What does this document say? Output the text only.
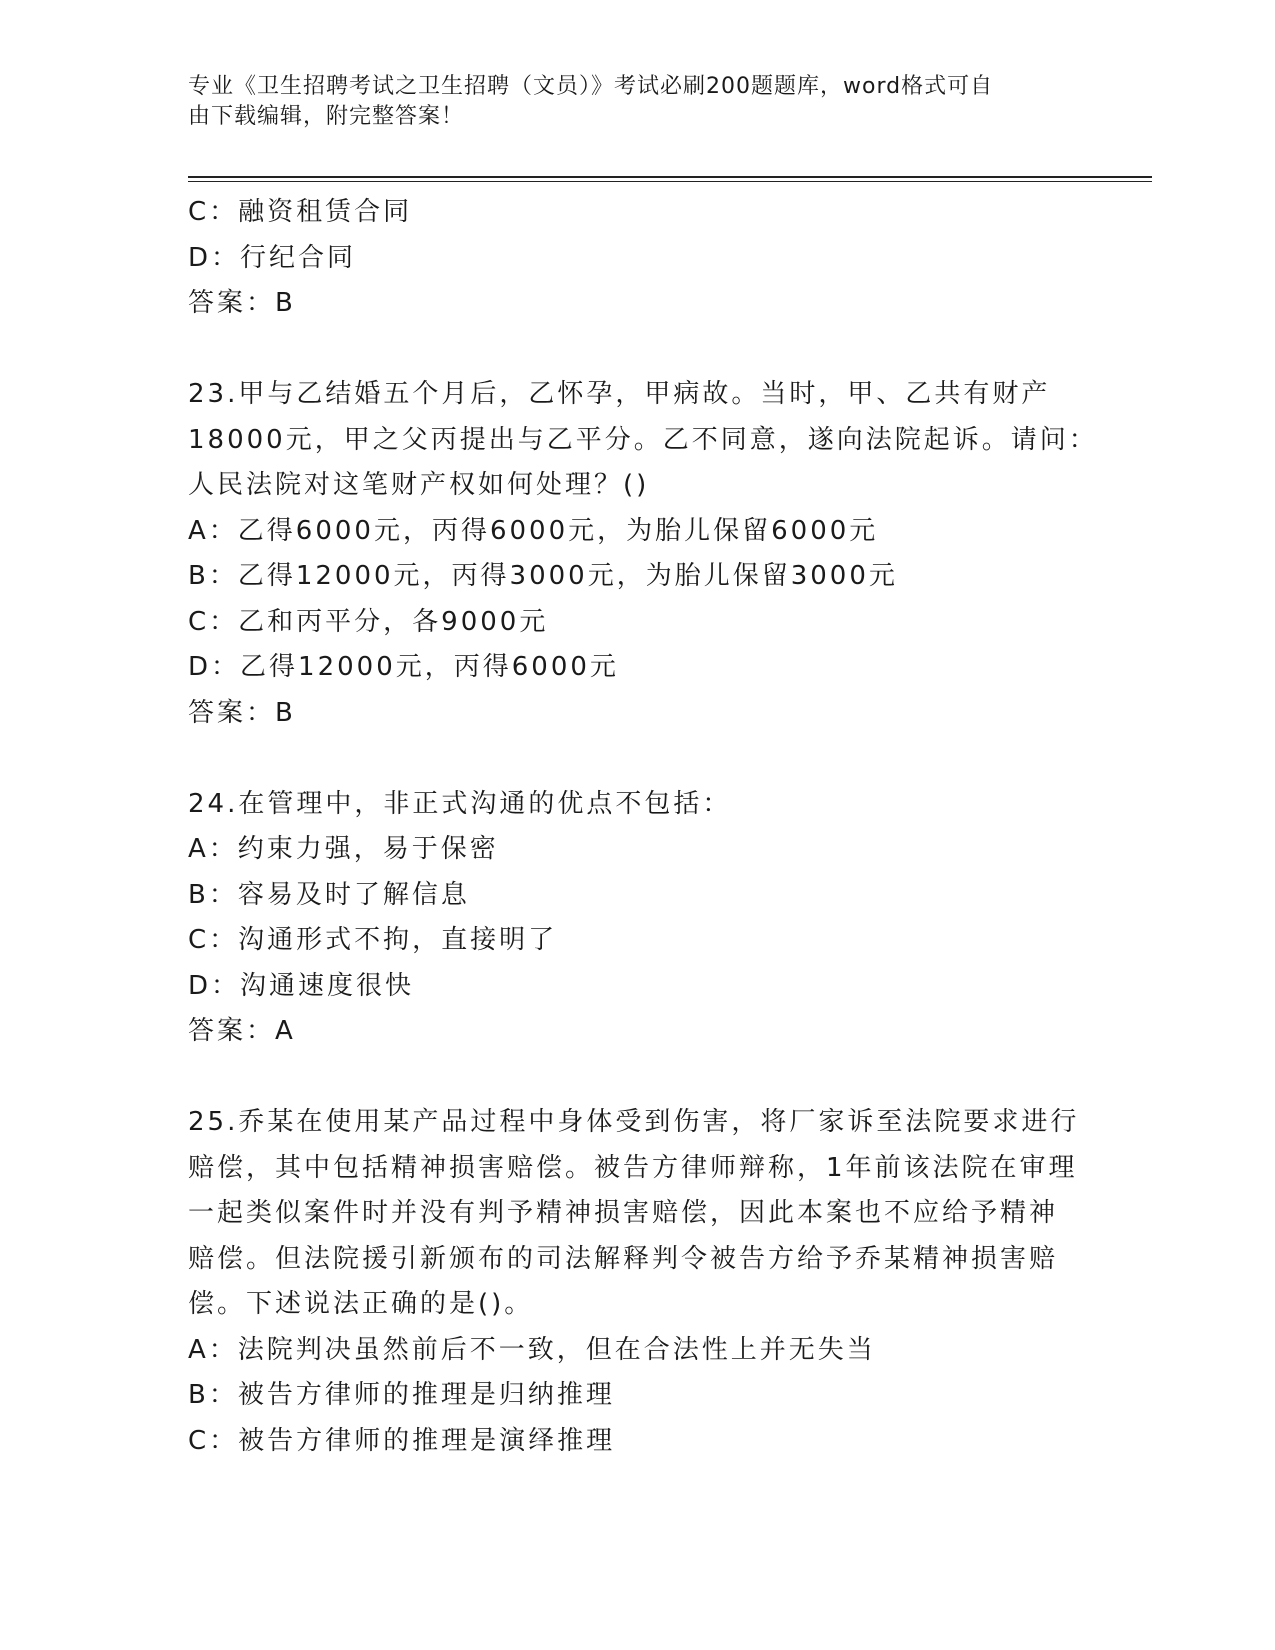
专业《卫生招聘考试之卫生招聘（文员）》考试必刷200题题库，word格式可自
由下载编辑，附完整答案！
C：融资租赁合同
D：行纪合同
答案：B
23.甲与乙结婚五个月后，乙怀孕，甲病故。当时，甲、乙共有财产
18000元，甲之父丙提出与乙平分。乙不同意，遂向法院起诉。请问：
人民法院对这笔财产权如何处理？()
A：乙得6000元，丙得6000元，为胎儿保留6000元
B：乙得12000元，丙得3000元，为胎儿保留3000元
C：乙和丙平分，各9000元
D：乙得12000元，丙得6000元
答案：B
24.在管理中，非正式沟通的优点不包括：
A：约束力强，易于保密
B：容易及时了解信息
C：沟通形式不拘，直接明了
D：沟通速度很快
答案：A
25.乔某在使用某产品过程中身体受到伤害，将厂家诉至法院要求进行
赔偿，其中包括精神损害赔偿。被告方律师辩称，1年前该法院在审理
一起类似案件时并没有判予精神损害赔偿，因此本案也不应给予精神
赔偿。但法院援引新颁布的司法解释判令被告方给予乔某精神损害赔
偿。下述说法正确的是()。
A：法院判决虽然前后不一致，但在合法性上并无失当
B：被告方律师的推理是归纳推理
C：被告方律师的推理是演绎推理
